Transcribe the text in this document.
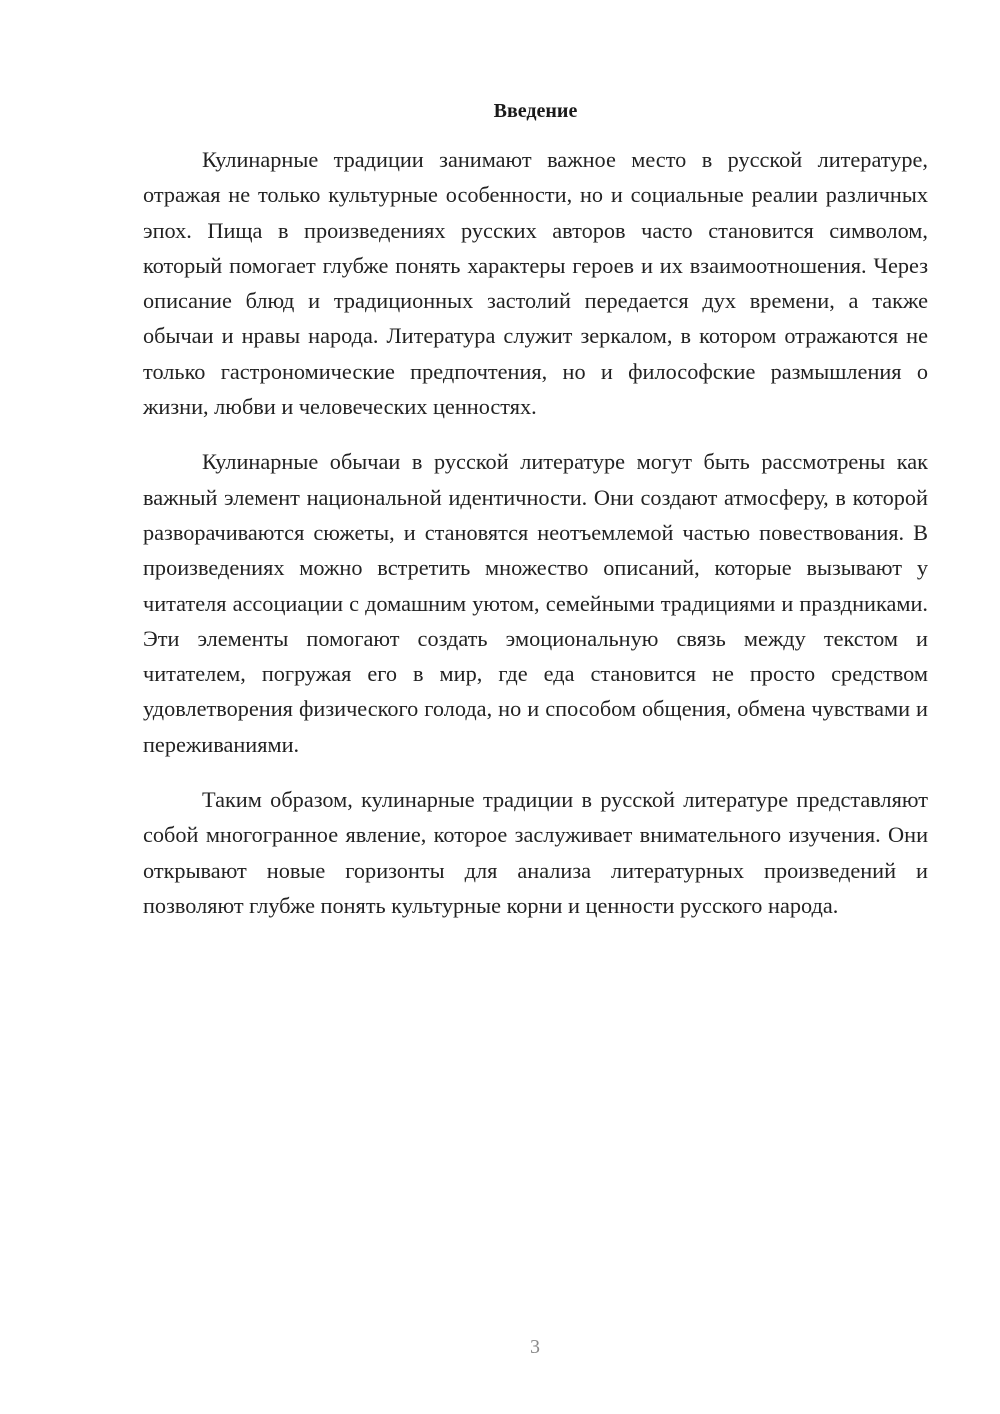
Введение

Кулинарные традиции занимают важное место в русской литературе, отражая не только культурные особенности, но и социальные реалии различных эпох. Пища в произведениях русских авторов часто становится символом, который помогает глубже понять характеры героев и их взаимоотношения. Через описание блюд и традиционных застолий передается дух времени, а также обычаи и нравы народа. Литература служит зеркалом, в котором отражаются не только гастрономические предпочтения, но и философские размышления о жизни, любви и человеческих ценностях.

Кулинарные обычаи в русской литературе могут быть рассмотрены как важный элемент национальной идентичности. Они создают атмосферу, в которой разворачиваются сюжеты, и становятся неотъемлемой частью повествования. В произведениях можно встретить множество описаний, которые вызывают у читателя ассоциации с домашним уютом, семейными традициями и праздниками. Эти элементы помогают создать эмоциональную связь между текстом и читателем, погружая его в мир, где еда становится не просто средством удовлетворения физического голода, но и способом общения, обмена чувствами и переживаниями.

Таким образом, кулинарные традиции в русской литературе представляют собой многогранное явление, которое заслуживает внимательного изучения. Они открывают новые горизонты для анализа литературных произведений и позволяют глубже понять культурные корни и ценности русского народа.

3
